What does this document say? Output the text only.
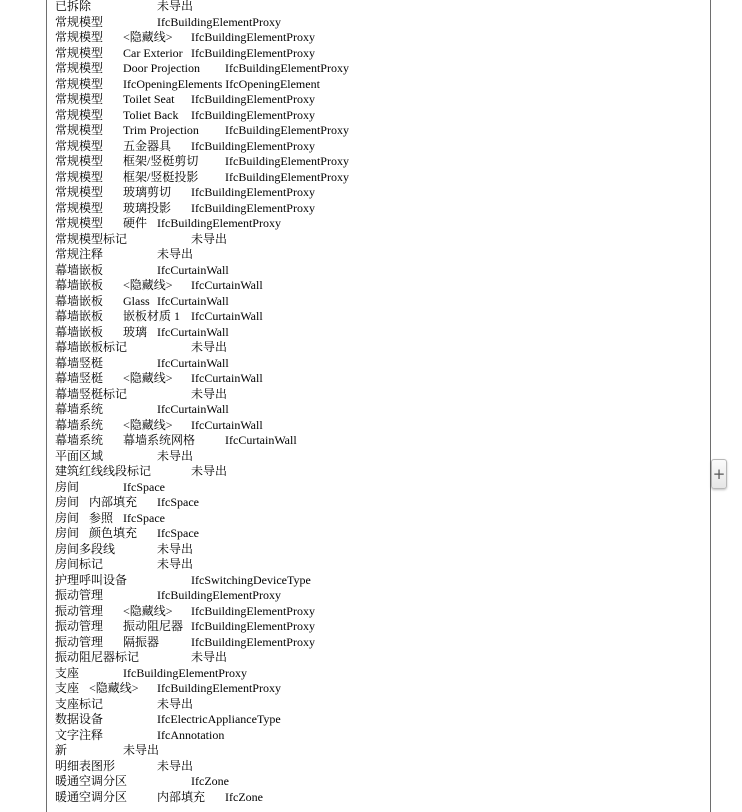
已拆除		未导出
常规模型		IfcBuildingElementProxy
常规模型	<隐藏线>	IfcBuildingElementProxy
常规模型	Car Exterior	IfcBuildingElementProxy
常规模型	Door Projection	IfcBuildingElementProxy
常规模型	IfcOpeningElements IfcOpeningElement
常规模型	Toilet Seat	IfcBuildingElementProxy
常规模型	Toliet Back	IfcBuildingElementProxy
常规模型	Trim Projection	IfcBuildingElementProxy
常规模型	五金器具	IfcBuildingElementProxy
常规模型	框架/竖梃剪切	IfcBuildingElementProxy
常规模型	框架/竖梃投影	IfcBuildingElementProxy
常规模型	玻璃剪切	IfcBuildingElementProxy
常规模型	玻璃投影	IfcBuildingElementProxy
常规模型	硬件	IfcBuildingElementProxy
常规模型标记		未导出
常规注释		未导出
幕墙嵌板		IfcCurtainWall
幕墙嵌板	<隐藏线>	IfcCurtainWall
幕墙嵌板	Glass	IfcCurtainWall
幕墙嵌板	嵌板材质 1	IfcCurtainWall
幕墙嵌板	玻璃	IfcCurtainWall
幕墙嵌板标记		未导出
幕墙竖梃		IfcCurtainWall
幕墙竖梃	<隐藏线>	IfcCurtainWall
幕墙竖梃标记		未导出
幕墙系统		IfcCurtainWall
幕墙系统	<隐藏线>	IfcCurtainWall
幕墙系统	幕墙系统网格	IfcCurtainWall
平面区域		未导出
建筑红线线段标记		未导出
房间		IfcSpace
房间	内部填充	IfcSpace
房间	参照	IfcSpace
房间	颜色填充	IfcSpace
房间多段线		未导出
房间标记		未导出
护理呼叫设备		IfcSwitchingDeviceType
振动管理		IfcBuildingElementProxy
振动管理	<隐藏线>	IfcBuildingElementProxy
振动管理	振动阻尼器	IfcBuildingElementProxy
振动管理	隔振器	IfcBuildingElementProxy
振动阻尼器标记		未导出
支座		IfcBuildingElementProxy
支座	<隐藏线>	IfcBuildingElementProxy
支座标记		未导出
数据设备		IfcElectricApplianceType
文字注释		IfcAnnotation
新		未导出
明细表图形		未导出
暖通空调分区		IfcZone
暖通空调分区	内部填充	IfcZone
+
